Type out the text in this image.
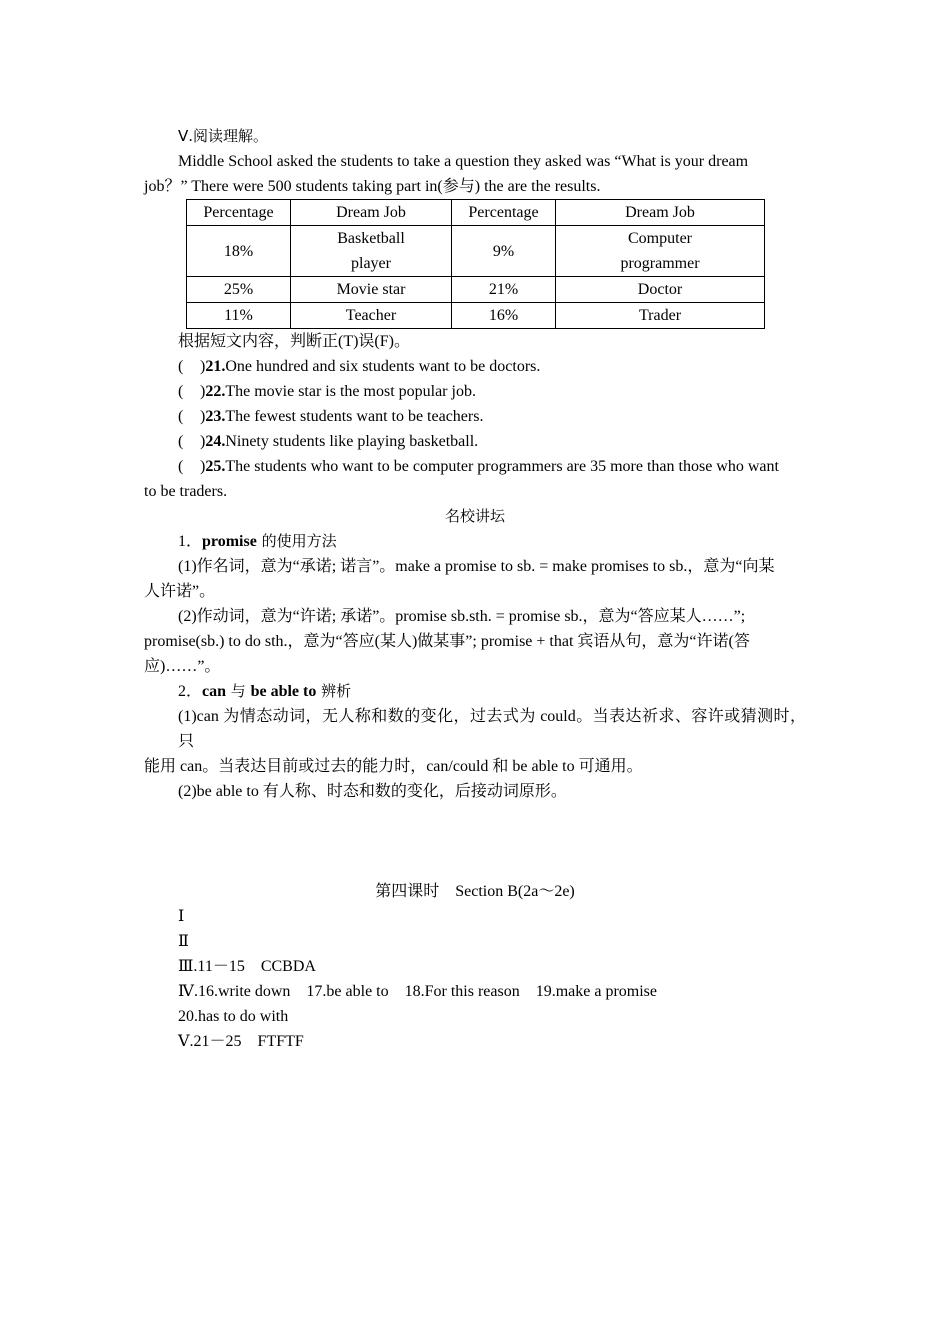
Ⅴ.阅读理解。
Middle School asked the students to take a question they asked was “What is your dream
job？” There were 500 students taking part in(参与) the are the results.
Percentage	Dream Job	Percentage	Dream Job
18%	Basketball player	9%	Computer programmer
25%	Movie star	21%	Doctor
11%	Teacher	16%	Trader
根据短文内容，判断正(T)误(F)。
( )21.One hundred and six students want to be doctors.
( )22.The movie star is the most popular job.
( )23.The fewest students want to be teachers.
( )24.Ninety students like playing basketball.
( )25.The students who want to be computer programmers are 35 more than those who want
to be traders.
名校讲坛
1．promise 的使用方法
(1)作名词，意为“承诺; 诺言”。make a promise to sb. = make promises to sb.，意为“向某
人许诺”。
(2)作动词，意为“许诺; 承诺”。promise sb.sth. = promise sb.，意为“答应某人……”;
promise(sb.) to do sth.，意为“答应(某人)做某事”; promise + that 宾语从句，意为“许诺(答
应)……”。
2．can 与 be able to 辨析
(1)can 为情态动词，无人称和数的变化，过去式为 could。当表达祈求、容许或猜测时，只
能用 can。当表达目前或过去的能力时，can/could 和 be able to 可通用。
(2)be able to 有人称、时态和数的变化，后接动词原形。
第四课时　Section B(2a～2e)
Ⅰ
Ⅱ
Ⅲ.11－15　CCBDA
Ⅳ.16.write down　17.be able to　18.For this reason　19.make a promise
20.has to do with
Ⅴ.21－25　FTFTF
